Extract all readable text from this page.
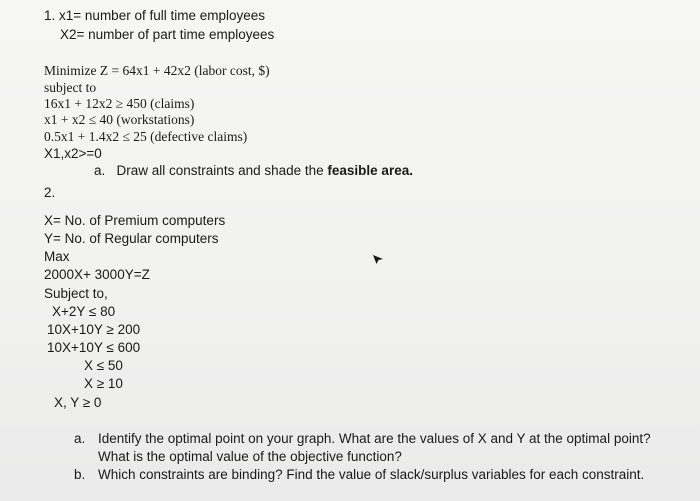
1. x1= number of full time employees
X2= number of part time employees
Minimize Z = 64x1 + 42x2 (labor cost, $)
subject to
16x1 + 12x2 ≥ 450 (claims)
x1 + x2 ≤ 40 (workstations)
0.5x1 + 1.4x2 ≤ 25 (defective claims)
X1,x2>=0
a. Draw all constraints and shade the feasible area.
2.
X= No. of Premium computers
Y= No. of Regular computers
Max
2000X+ 3000Y=Z
Subject to,
X+2Y ≤ 80
10X+10Y ≥ 200
10X+10Y ≤ 600
X ≤ 50
X ≥ 10
X, Y ≥ 0
a. Identify the optimal point on your graph. What are the values of X and Y at the optimal point?
What is the optimal value of the objective function?
b. Which constraints are binding? Find the value of slack/surplus variables for each constraint.
